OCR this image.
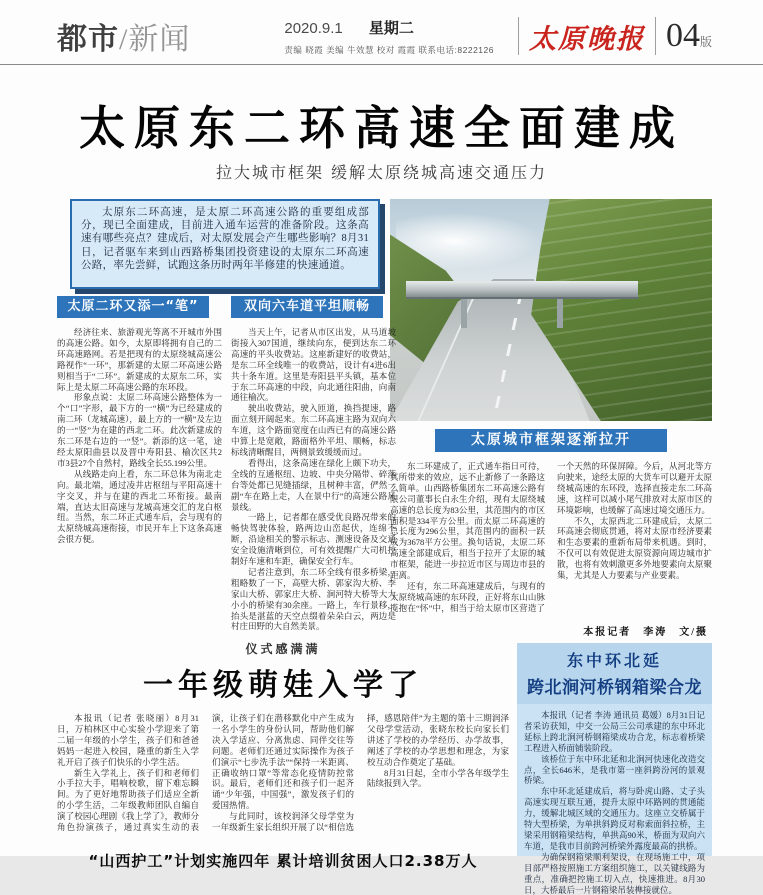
都市/新闻	2020.9.1 星期二
责编 晓霞 美编 牛效慧 校对 霞霞 联系电话:8222126 太原晚报 04版
太原东二环高速全面建成
拉大城市框架 缓解太原绕城高速交通压力

太原东二环高速，是太原二环高速公路的重要组成部分，现已全面建成，目前进入通车运营的准备阶段。这条高速有哪些亮点？建成后，对太原发展会产生哪些影响？8月31日，记者驱车来到山西路桥集团投资建设的太原东二环高速公路，率先尝鲜，试跑这条历时两年半修建的快速通道。

太原城市框架逐渐拉开

东二环建成了，正式通车指日可待，其所带来的效应，远不止新修了一条路这么简单。山西路桥集团东二环高速公路有限公司董事长白永生介绍，现有太原绕城高速的总长度为83公里，其范围内的市区面积是334平方公里。而太原二环高速的总长度为296公里，其范围内的面积一跃成为3678平方公里。换句话说，太原二环高速全部建成后，相当于拉开了太原的城市框架，能进一步拉近市区与周边市县的距离。

还有，东二环高速建成后，与现有的太原绕城高速的东环段，正好将东山山脉揽抱在“怀”中，相当于给太原市区营造了一个天然的环保屏障。今后，从河北等方向驶来，途经太原的大货车可以避开太原绕城高速的东环段，选择直接走东二环高速，这样可以减小尾气排放对太原市区的环境影响，也缓解了高速过境交通压力。

不久，太原西北二环建成后，太原二环高速会彻底贯通，将对太原市经济要素和生态要素的重新布局带来机遇。到时，不仅可以有效促进太原资源向周边城市扩散，也将有效刺激更多外地要素向太原聚集，尤其是人力要素与产业要素。

本报记者　李涛　文/摄
太原二环又添一“笔”

经济往来、旅游观光等离不开城市外围的高速公路。如今，太原即将拥有自己的二环高速路网。若是把现有的太原绕城高速公路视作“一环”，那新建的太原二环高速公路则相当于“二环”。新建成的太原东二环，实际上是太原二环高速公路的东环段。

形象点说：太原二环高速公路整体为一个“口”字形，最下方的一“横”为已经建成的南二环（龙城高速），最上方的一“横”及左边的一“竖”为在建的西北二环。此次新建成的东二环是右边的一“竖”。新添的这一笔，途经太原阳曲县以及晋中寿阳县、榆次区共2市3县27个自然村，路线全长55.199公里。

从线路走向上看，东二环总体为南北走向。最北端，通过凌井店枢纽与平阳高速十字交叉，并与在建的西北二环衔接。最南端，直达太旧高速与龙城高速交汇的龙白枢纽。当然，东二环正式通车后，会与现有的太原绕城高速衔接，市民开车上下这条高速会很方便。

双向六车道平坦顺畅

当天上午，记者从市区出发，从马道坡街接入307国道，继续向东，便到达东二环高速的平头收费站。这座新建好的收费站，是东二环全线唯一的收费站，设计有4进6出共十条车道。这里是寿阳县平头镇，基本位于东二环高速的中段，向北通往阳曲，向南通往榆次。

驶出收费站，驶入匝道，换挡提速，路面立刻开阔起来。东二环高速主路为双向六车道，这个路面宽度在山西已有的高速公路中算上是宽敞，路面格外平坦、顺畅，标志标线清晰醒目，两侧景致缓缓而过。

看得出，这条高速在绿化上颇下功夫，全线的互通枢纽、边坡、中央分隔带、碎落台等处都已见缝插绿，且树种丰富，俨然一副“车在路上走，人在景中行”的高速公路风景线。

一路上，记者都在感受优良路况带来的畅快驾驶体验，路两边山峦起伏，连绵不断，沿途相关的警示标志、测速设备及交通安全设施清晰到位，可有效提醒广大司机控制好车速和车距，确保安全行车。

记者注意到，东二环全线有很多桥梁，粗略数了一下，高壁大桥、郭家沟大桥、李家山大桥、郭家庄大桥、涧河特大桥等大大小小的桥梁有30余座。一路上，车行景移，抬头是湛蓝的天空点缀着朵朵白云，两边是村庄田野的大自然美景。

仪式感满满
一年级萌娃入学了

本报讯（记者 张晓丽）8月31日，万柏林区中心实验小学迎来了第二届一年级的小学生，孩子们和爸爸妈妈一起进入校园，隆重的新生入学礼开启了孩子们快乐的小学生活。

新生入学礼上，孩子们和老师们小手拉大手，唱响校歌，留下难忘瞬间。为了更好地帮助孩子们适应全新的小学生活，二年级教师团队自编自演了校园心理剧《我上学了》，教师分角色扮演孩子，通过真实生动的表演，让孩子们在潜移默化中产生成为一名小学生的身份认同，帮助他们解决入学适应、分离焦虑、同伴交往等问题。老师们还通过实际操作为孩子们演示“七步洗手法”“保持一米距离、正确收纳口罩”等常态化疫情防控常识。最后，老师们还和孩子们一起齐诵“少年强，中国强”，激发孩子们的爱国热情。

与此同时，该校润泽父母学堂为一年级新生家长组织开展了以“相信选择，感恩陪伴”为主题的第十三期润泽父母学堂活动，张晓东校长向家长们讲述了学校的办学经历、办学故事，阐述了学校的办学思想和理念，为家校互动合作奠定了基础。

8月31日起，全市小学各年级学生陆续报到入学。

“山西护工”计划实施四年 累计培训贫困人口2.38万人
东中环北延
跨北涧河桥钢箱梁合龙

本报讯（记者 李涛 通讯员 葛媛）8月31日记者采访获知，中交一公局三公司承建的东中环北延标上跨北涧河桥钢箱梁成功合龙，标志着桥梁工程进入桥面铺装阶段。

该桥位于东中环北延和北涧河快速化改造交点，全长646米，是我市第一座斜跨汾河的景观桥梁。

东中环北延建成后，将与卧虎山路、丈子头高速实现互联互通，提升太原中环路网的贯通能力，缓解北城区域的交通压力。这座立交桥属于特大型桥梁，为单拱斜跨反对称索面斜拉桥，主梁采用钢箱梁结构，单拱高90米，桥面为双向六车道，是我市目前跨河桥梁外露度最高的拱桥。

为确保钢箱梁顺利架设，在现场施工中，项目部严格按照施工方案组织施工，以关键线路为重点，准确把控施工切入点，快速推进。8月30日，大桥最后一片钢箱梁吊装榫接就位。
